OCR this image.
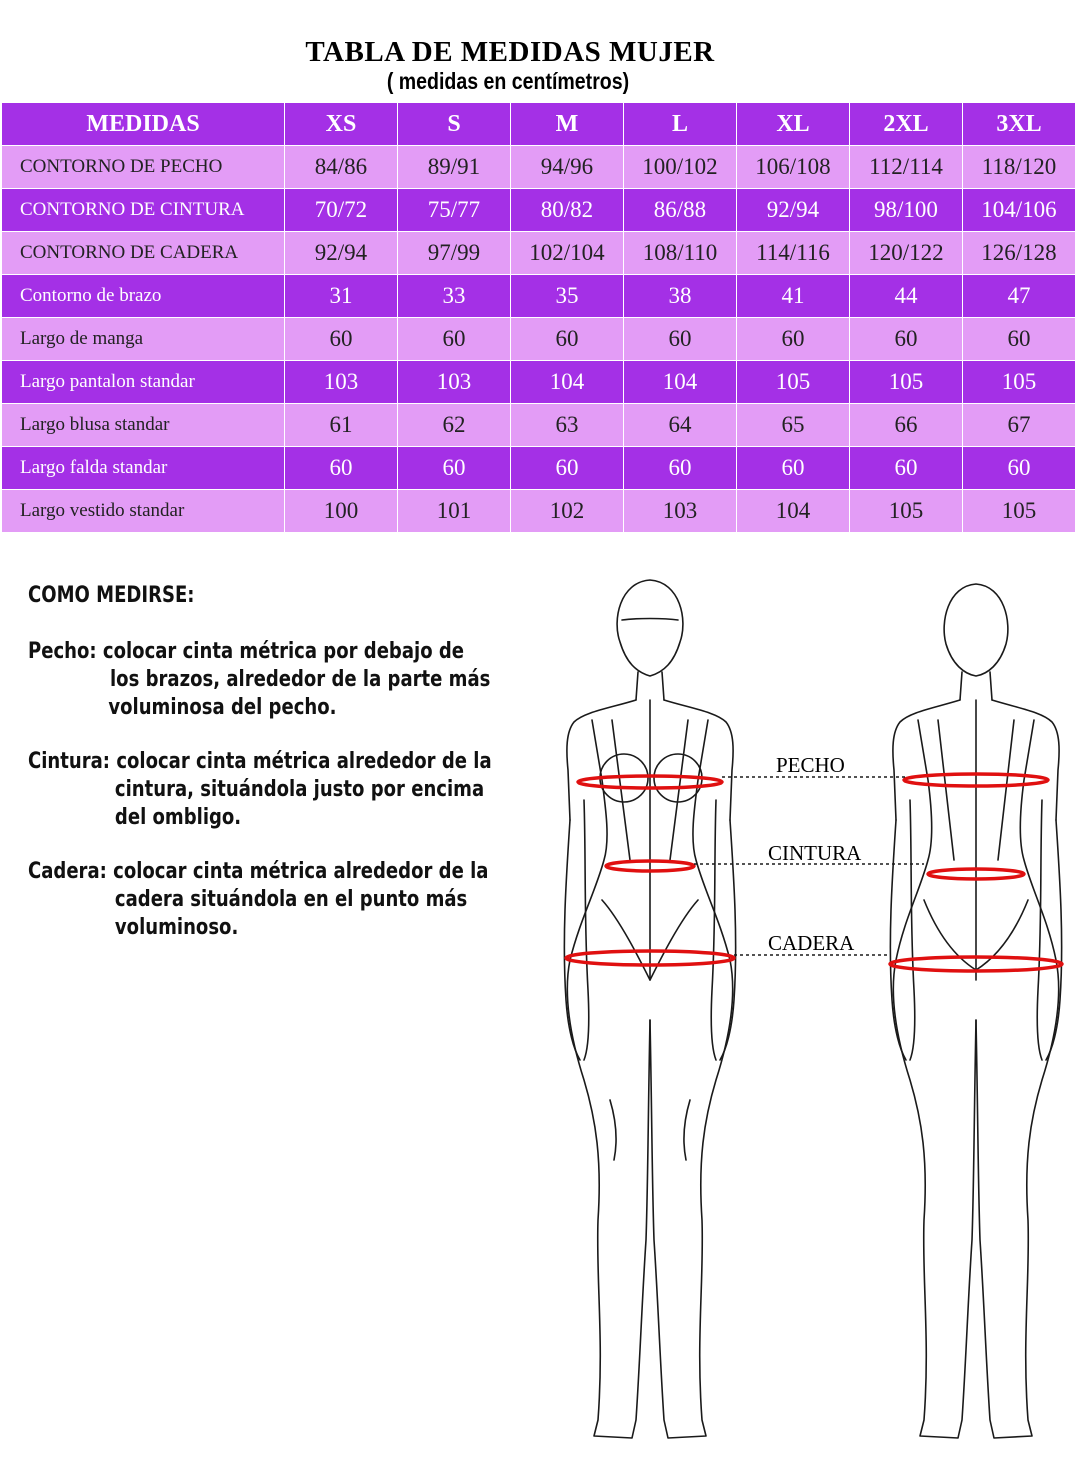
TABLA DE MEDIDAS MUJER
( medidas en centímetros)
MEDIDAS	XS	S	M	L	XL	2XL	3XL
CONTORNO DE PECHO	84/86	89/91	94/96	100/102	106/108	112/114	118/120
CONTORNO DE CINTURA	70/72	75/77	80/82	86/88	92/94	98/100	104/106
CONTORNO DE CADERA	92/94	97/99	102/104	108/110	114/116	120/122	126/128
Contorno de brazo	31	33	35	38	41	44	47
Largo de manga	60	60	60	60	60	60	60
Largo pantalon standar	103	103	104	104	105	105	105
Largo blusa standar	61	62	63	64	65	66	67
Largo falda standar	60	60	60	60	60	60	60
Largo vestido standar	100	101	102	103	104	105	105
COMO MEDIRSE:
Pecho: colocar cinta métrica por debajo de
los brazos, alrededor de la parte más
voluminosa del pecho.
Cintura: colocar cinta métrica alrededor de la
cintura, situándola justo por encima
del ombligo.
Cadera: colocar cinta métrica alrededor de la
cadera situándola en el punto más
voluminoso.
PECHO
CINTURA
CADERA
